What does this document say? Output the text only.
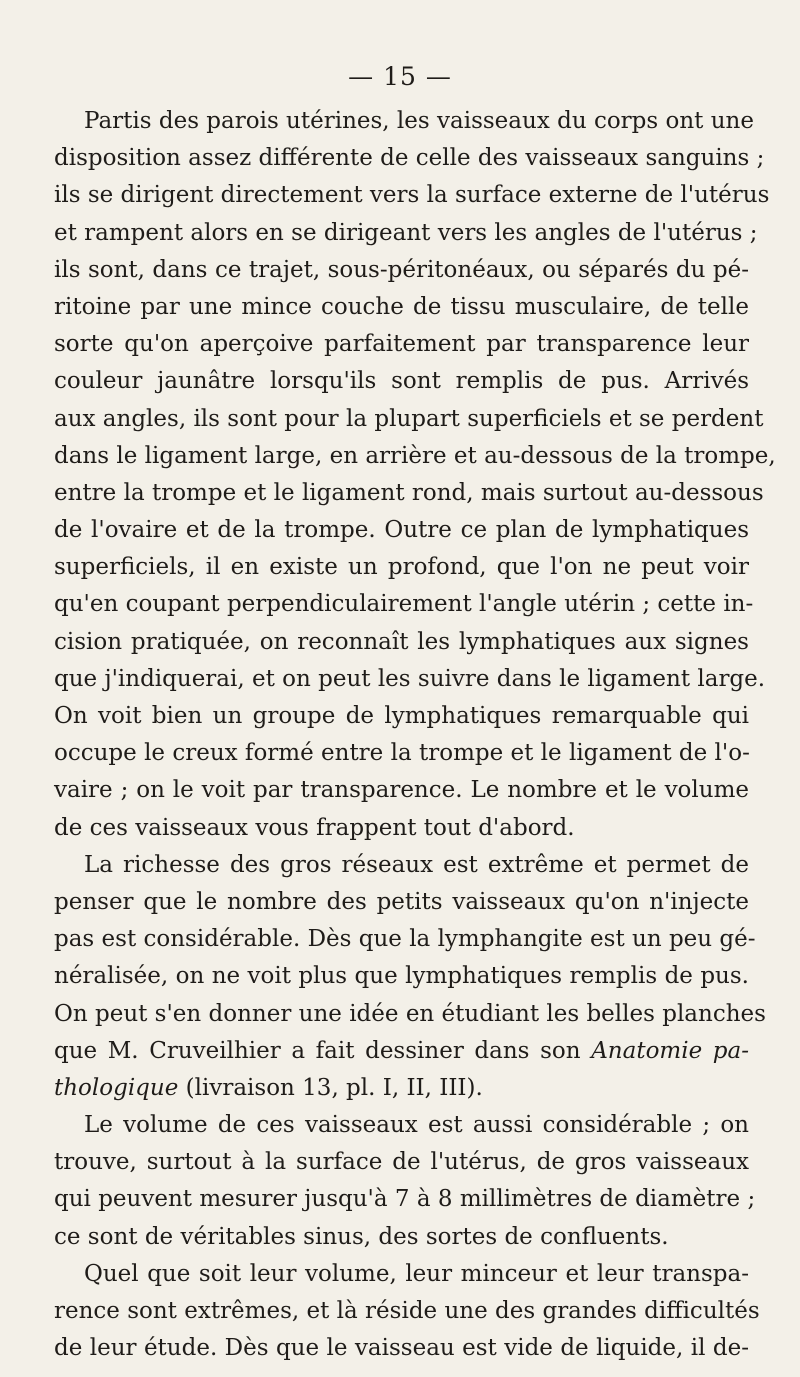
— 15 —
Partis des parois utérines, les vaisseaux du corps ont une
disposition assez différente de celle des vaisseaux sanguins ;
ils se dirigent directement vers la surface externe de l'utérus
et rampent alors en se dirigeant vers les angles de l'utérus ;
ils sont, dans ce trajet, sous-péritonéaux, ou séparés du pé-
ritoine par une mince couche de tissu musculaire, de telle
sorte qu'on aperçoive parfaitement par transparence leur
couleur jaunâtre lorsqu'ils sont remplis de pus. Arrivés
aux angles, ils sont pour la plupart superficiels et se perdent
dans le ligament large, en arrière et au-dessous de la trompe,
entre la trompe et le ligament rond, mais surtout au-dessous
de l'ovaire et de la trompe. Outre ce plan de lymphatiques
superficiels, il en existe un profond, que l'on ne peut voir
qu'en coupant perpendiculairement l'angle utérin ; cette in-
cision pratiquée, on reconnaît les lymphatiques aux signes
que j'indiquerai, et on peut les suivre dans le ligament large.
On voit bien un groupe de lymphatiques remarquable qui
occupe le creux formé entre la trompe et le ligament de l'o-
vaire ; on le voit par transparence. Le nombre et le volume
de ces vaisseaux vous frappent tout d'abord.
La richesse des gros réseaux est extrême et permet de
penser que le nombre des petits vaisseaux qu'on n'injecte
pas est considérable. Dès que la lymphangite est un peu gé-
néralisée, on ne voit plus que lymphatiques remplis de pus.
On peut s'en donner une idée en étudiant les belles planches
que M. Cruveilhier a fait dessiner dans son Anatomie pa-
thologique (livraison 13, pl. I, II, III).
Le volume de ces vaisseaux est aussi considérable ; on
trouve, surtout à la surface de l'utérus, de gros vaisseaux
qui peuvent mesurer jusqu'à 7 à 8 millimètres de diamètre ;
ce sont de véritables sinus, des sortes de confluents.
Quel que soit leur volume, leur minceur et leur transpa-
rence sont extrêmes, et là réside une des grandes difficultés
de leur étude. Dès que le vaisseau est vide de liquide, il de-
